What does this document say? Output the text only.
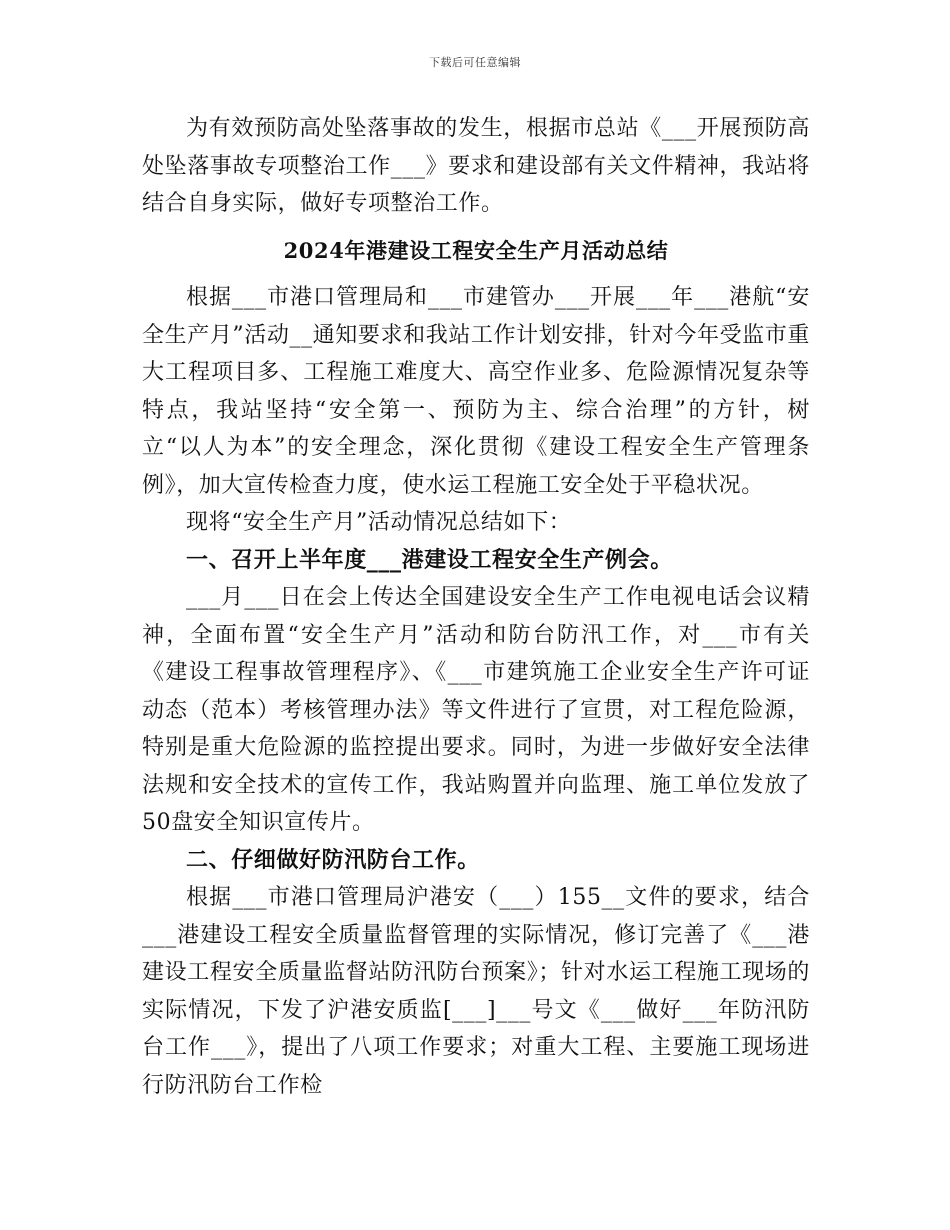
下载后可任意编辑

为有效预防高处坠落事故的发生，根据市总站《___开展预防高处坠落事故专项整治工作___》要求和建设部有关文件精神，我站将结合自身实际，做好专项整治工作。

2024年港建设工程安全生产月活动总结

根据___市港口管理局和___市建管办___开展___年___港航“安全生产月”活动__通知要求和我站工作计划安排，针对今年受监市重大工程项目多、工程施工难度大、高空作业多、危险源情况复杂等特点，我站坚持“安全第一、预防为主、综合治理”的方针，树立“以人为本”的安全理念，深化贯彻《建设工程安全生产管理条例》，加大宣传检查力度，使水运工程施工安全处于平稳状况。

现将“安全生产月”活动情况总结如下：

一、召开上半年度___港建设工程安全生产例会。

___月___日在会上传达全国建设安全生产工作电视电话会议精神，全面布置“安全生产月”活动和防台防汛工作，对___市有关《建设工程事故管理程序》、《___市建筑施工企业安全生产许可证动态（范本）考核管理办法》等文件进行了宣贯，对工程危险源，特别是重大危险源的监控提出要求。同时，为进一步做好安全法律法规和安全技术的宣传工作，我站购置并向监理、施工单位发放了50盘安全知识宣传片。

二、仔细做好防汛防台工作。

根据___市港口管理局沪港安（___）155__文件的要求，结合___港建设工程安全质量监督管理的实际情况，修订完善了《___港建设工程安全质量监督站防汛防台预案》；针对水运工程施工现场的实际情况，下发了沪港安质监[___]___号文《___做好___年防汛防台工作___》，提出了八项工作要求；对重大工程、主要施工现场进行防汛防台工作检
